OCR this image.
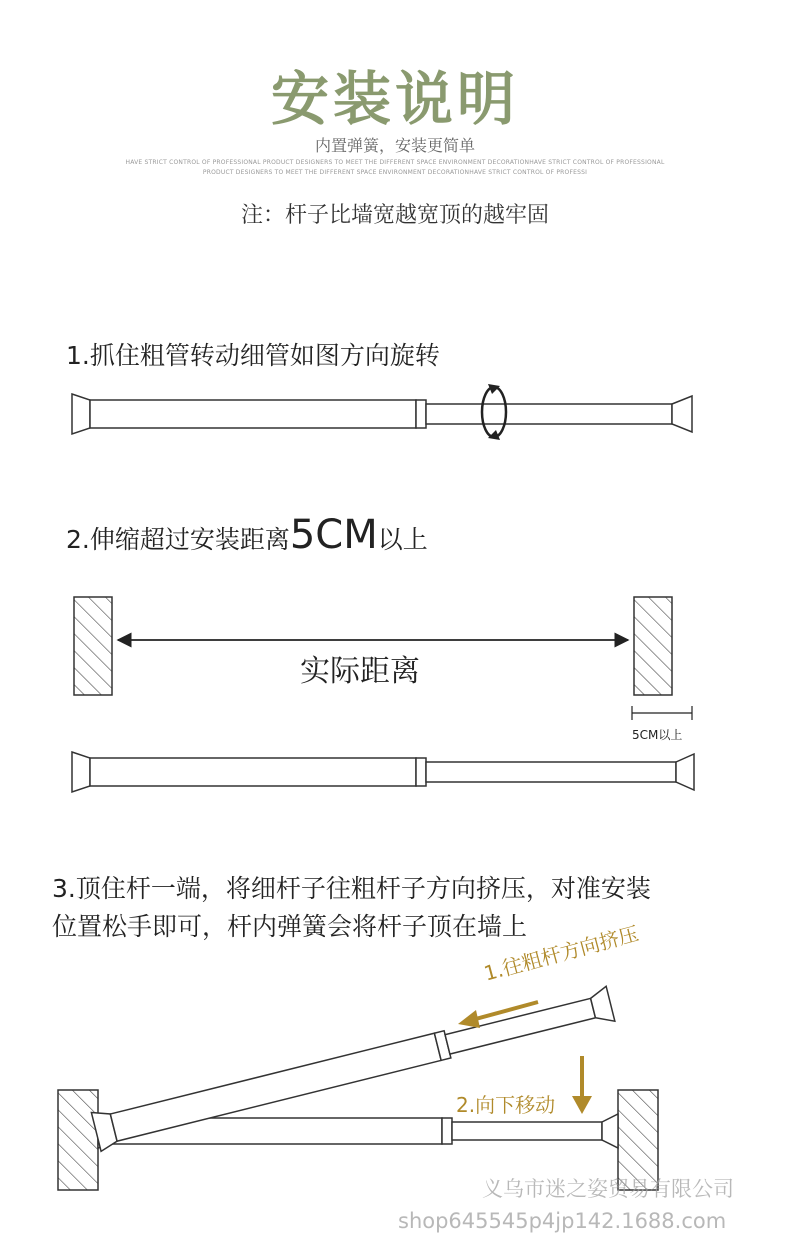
安装说明
内置弹簧，安装更简单
HAVE STRICT CONTROL OF PROFESSIONAL PRODUCT DESIGNERS TO MEET THE DIFFERENT SPACE ENVIRONMENT DECORATIONHAVE STRICT CONTROL OF PROFESSIONAL
PRODUCT DESIGNERS TO MEET THE DIFFERENT SPACE ENVIRONMENT DECORATIONHAVE STRICT CONTROL OF PROFESSI
注：杆子比墙宽越宽顶的越牢固
1.抓住粗管转动细管如图方向旋转
2.伸缩超过安装距离5CM以上
3.顶住杆一端，将细杆子往粗杆子方向挤压，对准安装
位置松手即可，杆内弹簧会将杆子顶在墙上
实际距离
5CM以上
1.往粗杆方向挤压
2.向下移动
义乌市迷之姿贸易有限公司
shop645545p4jp142.1688.com
